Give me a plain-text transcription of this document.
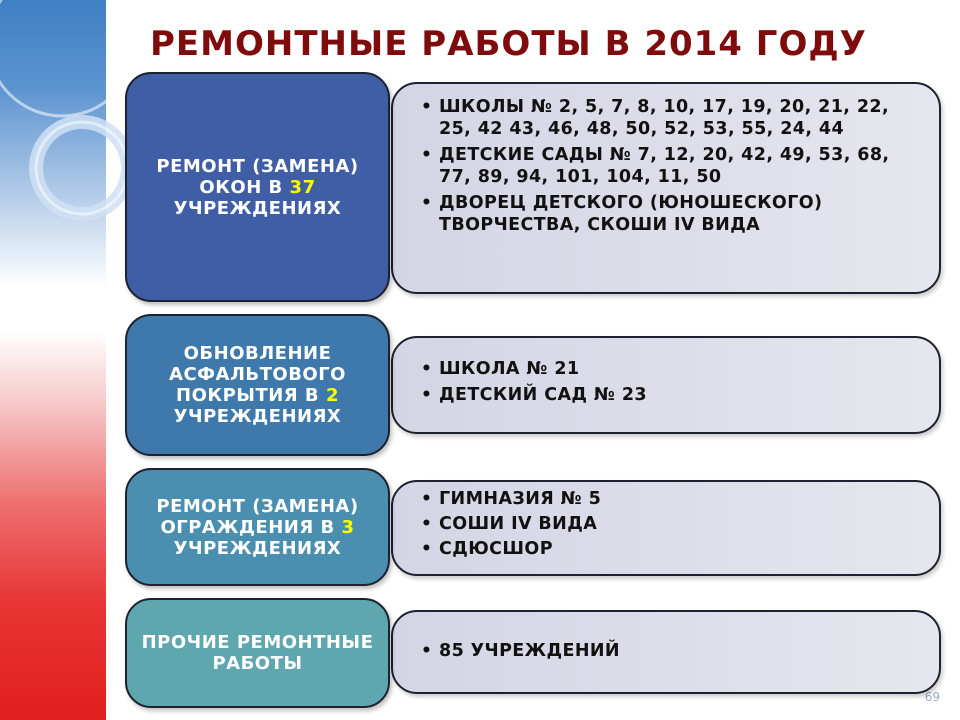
РЕМОНТНЫЕ РАБОТЫ В 2014 ГОДУ
РЕМОНТ (ЗАМЕНА) ОКОН В 37 УЧРЕЖДЕНИЯХ
• ШКОЛЫ № 2, 5, 7, 8, 10, 17, 19, 20, 21, 22, 25, 42 43, 46, 48, 50, 52, 53, 55, 24, 44
• ДЕТСКИЕ САДЫ № 7, 12, 20, 42, 49, 53, 68, 77, 89, 94, 101, 104, 11, 50
• ДВОРЕЦ ДЕТСКОГО (ЮНОШЕСКОГО) ТВОРЧЕСТВА, СКОШИ IV ВИДА
ОБНОВЛЕНИЕ АСФАЛЬТОВОГО ПОКРЫТИЯ В 2 УЧРЕЖДЕНИЯХ
• ШКОЛА № 21
• ДЕТСКИЙ САД № 23
РЕМОНТ (ЗАМЕНА) ОГРАЖДЕНИЯ В 3 УЧРЕЖДЕНИЯХ
• ГИМНАЗИЯ № 5
• СОШИ IV ВИДА
• СДЮСШОР
ПРОЧИЕ РЕМОНТНЫЕ РАБОТЫ
• 85 УЧРЕЖДЕНИЙ
69
